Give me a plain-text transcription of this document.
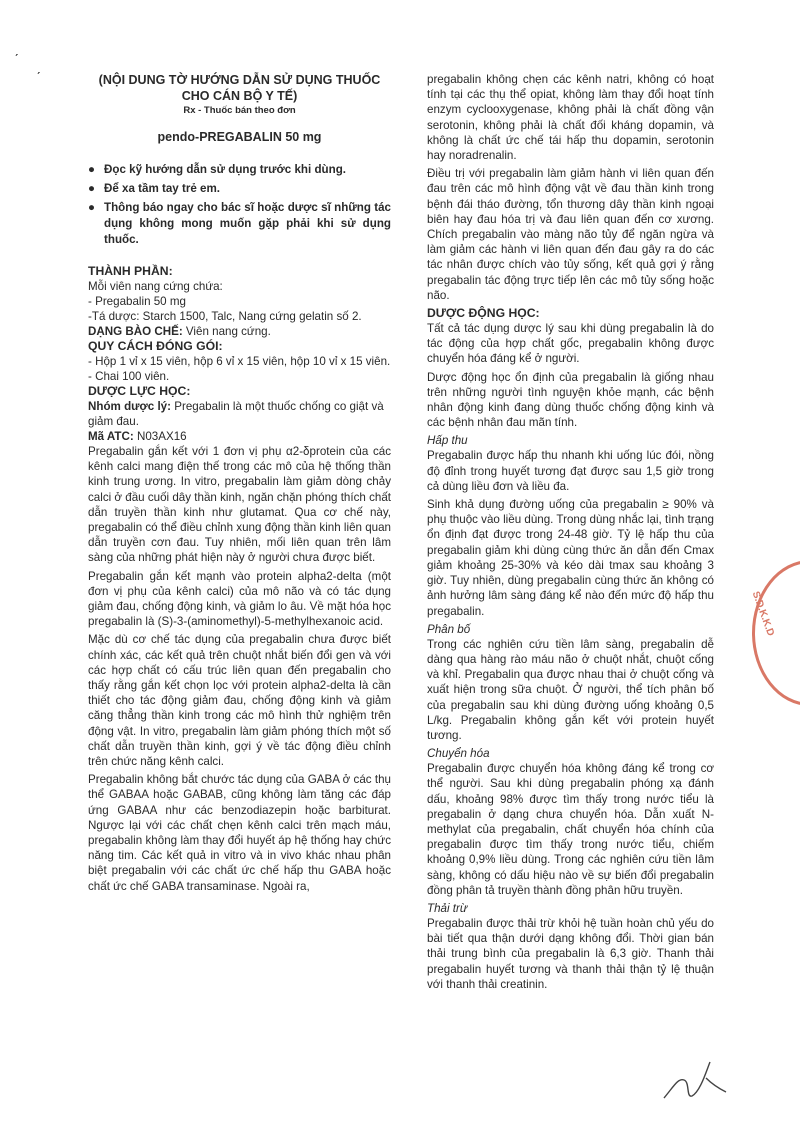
ˏ
ˏ

(NỘI DUNG TỜ HƯỚNG DẪN SỬ DỤNG THUỐC

CHO CÁN BỘ Y TẾ)

Rx - Thuốc bán theo đơn

pendo-PREGABALIN 50 mg

● Đọc kỹ hướng dẫn sử dụng trước khi dùng.
● Để xa tầm tay trẻ em.
● Thông báo ngay cho bác sĩ hoặc dược sĩ những tác dụng không mong muốn gặp phải khi sử dụng thuốc.

THÀNH PHẦN:

Mỗi viên nang cứng chứa:

- Pregabalin 50 mg

-Tá dược: Starch 1500, Talc, Nang cứng gelatin số 2.

DẠNG BÀO CHẾ: Viên nang cứng.

QUY CÁCH ĐÓNG GÓI:

- Hộp 1 vỉ x 15 viên, hộp 6 vỉ x 15 viên, hộp 10 vỉ x 15 viên.

- Chai 100 viên.

DƯỢC LỰC HỌC:

Nhóm dược lý: Pregabalin là một thuốc chống co giật và giảm đau.

Mã ATC: N03AX16

Pregabalin gắn kết với 1 đơn vị phụ α2-δprotein của các kênh calci mang điện thế trong các mô của hệ thống thần kinh trung ương. In vitro, pregabalin làm giảm dòng chảy calci ở đầu cuối dây thần kinh, ngăn chặn phóng thích chất dẫn truyền thần kinh như glutamat. Qua cơ chế này, pregabalin có thể điều chỉnh xung động thần kinh liên quan dẫn truyền cơn đau. Tuy nhiên, mối liên quan trên lâm sàng của những phát hiện này ở người chưa được biết.

Pregabalin gắn kết mạnh vào protein alpha2-delta (một đơn vị phụ của kênh calci) của mô não và có tác dụng giảm đau, chống động kinh, và giảm lo âu. Về mặt hóa học pregabalin là (S)-3-(aminomethyl)-5-methylhexanoic acid.

Mặc dù cơ chế tác dụng của pregabalin chưa được biết chính xác, các kết quả trên chuột nhắt biến đổi gen và với các hợp chất có cấu trúc liên quan đến pregabalin cho thấy rằng gắn kết chọn lọc với protein alpha2-delta là cần thiết cho tác động giảm đau, chống động kinh và giảm căng thẳng thần kinh trong các mô hình thử nghiệm trên động vật. In vitro, pregabalin làm giảm phóng thích một số chất dẫn truyền thần kinh, gợi ý về tác động điều chỉnh trên chức năng kênh calci.

Pregabalin không bắt chước tác dụng của GABA ở các thụ thể GABAA hoặc GABAB, cũng không làm tăng các đáp ứng GABAA như các benzodiazepin hoặc barbiturat. Ngược lại với các chất chẹn kênh calci trên mạch máu, pregabalin không làm thay đổi huyết áp hệ thống hay chức năng tim. Các kết quả in vitro và in vivo khác nhau phân biệt pregabalin với các chất ức chế hấp thu GABA hoặc chất ức chế GABA transaminase. Ngoài ra,

pregabalin không chẹn các kênh natri, không có hoạt tính tại các thụ thể opiat, không làm thay đổi hoạt tính enzym cyclooxygenase, không phải là chất đồng vận serotonin, không phải là chất đối kháng dopamin, và không là chất ức chế tái hấp thu dopamin, serotonin hay noradrenalin.

Điều trị với pregabalin làm giảm hành vi liên quan đến đau trên các mô hình động vật về đau thần kinh trong bệnh đái tháo đường, tổn thương dây thần kinh ngoại biên hay đau hóa trị và đau liên quan đến cơ xương. Chích pregabalin vào màng não tủy để ngăn ngừa và làm giảm các hành vi liên quan đến đau gây ra do các tác nhân được chích vào tủy sống, kết quả gợi ý rằng pregabalin tác động trực tiếp lên các mô tủy sống hoặc não.

DƯỢC ĐỘNG HỌC:

Tất cả tác dụng dược lý sau khi dùng pregabalin là do tác động của hợp chất gốc, pregabalin không được chuyển hóa đáng kể ở người.

Dược động học ổn định của pregabalin là giống nhau trên những người tình nguyện khỏe mạnh, các bệnh nhân động kinh đang dùng thuốc chống động kinh và các bệnh nhân đau mãn tính.

Hấp thu

Pregabalin được hấp thu nhanh khi uống lúc đói, nồng độ đỉnh trong huyết tương đạt được sau 1,5 giờ trong cả dùng liều đơn và liều đa.

Sinh khả dụng đường uống của pregabalin ≥ 90% và phụ thuộc vào liều dùng. Trong dùng nhắc lại, tình trạng ổn định đạt được trong 24-48 giờ. Tỷ lệ hấp thu của pregabalin giảm khi dùng cùng thức ăn dẫn đến Cmax giảm khoảng 25-30% và kéo dài tmax sau khoảng 3 giờ. Tuy nhiên, dùng pregabalin cùng thức ăn không có ảnh hưởng lâm sàng đáng kể nào đến mức độ hấp thu pregabalin.

Phân bố

Trong các nghiên cứu tiền lâm sàng, pregabalin dễ dàng qua hàng rào máu não ở chuột nhắt, chuột cống và khỉ. Pregabalin qua được nhau thai ở chuột cống và xuất hiện trong sữa chuột. Ở người, thể tích phân bố của pregabalin sau khi dùng đường uống khoảng 0,5 L/kg. Pregabalin không gắn kết với protein huyết tương.

Chuyển hóa

Pregabalin được chuyển hóa không đáng kể trong cơ thể người. Sau khi dùng pregabalin phóng xạ đánh dấu, khoảng 98% được tìm thấy trong nước tiểu là pregabalin ở dạng chưa chuyển hóa. Dẫn xuất N-methylat của pregabalin, chất chuyển hóa chính của pregabalin được tìm thấy trong nước tiểu, chiếm khoảng 0,9% liều dùng. Trong các nghiên cứu tiền lâm sàng, không có dấu hiệu nào về sự biến đổi pregabalin đồng phân tả truyền thành đồng phân hữu truyền.

Thải trừ

Pregabalin được thải trừ khỏi hệ tuần hoàn chủ yếu do bài tiết qua thận dưới dạng không đổi. Thời gian bán thải trung bình của pregabalin là 6,3 giờ. Thanh thải pregabalin huyết tương và thanh thải thận tỷ lệ thuận với thanh thải creatinin.

S.Đ.K.K.D
